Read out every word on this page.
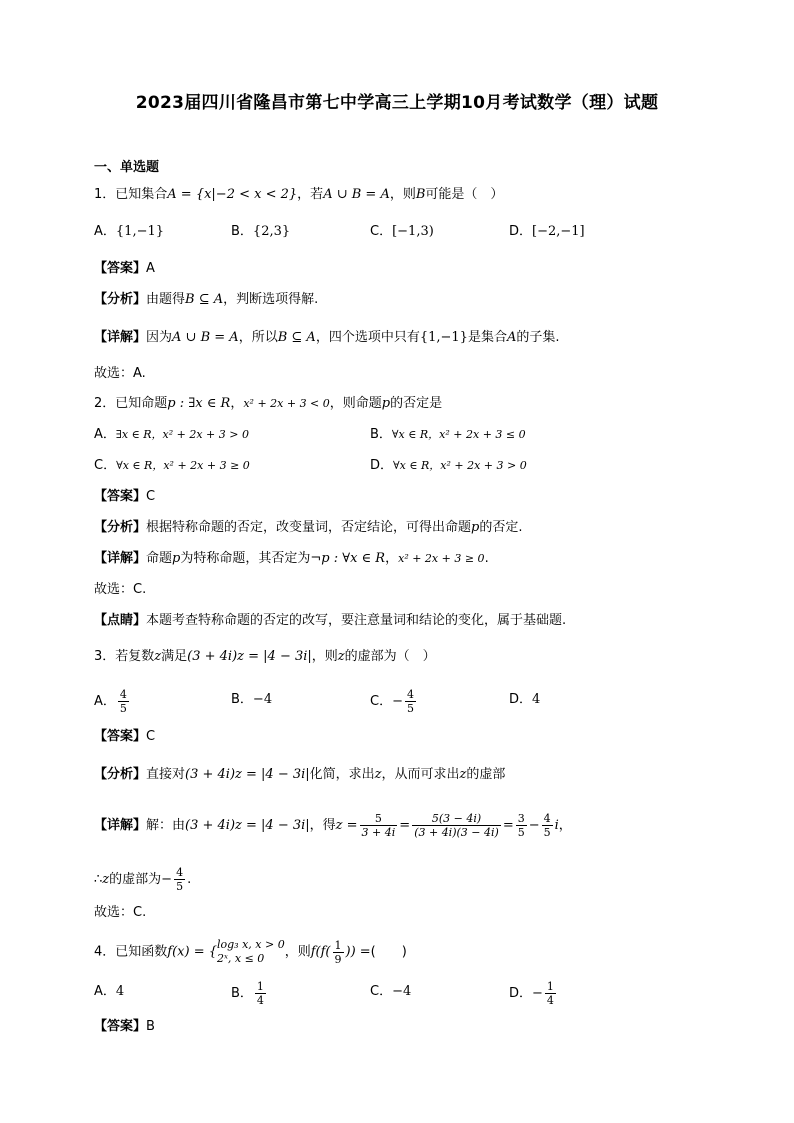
2023届四川省隆昌市第七中学高三上学期10月考试数学（理）试题
一、单选题
1．已知集合A = {x|−2 < x < 2}，若A ∪ B = A，则B可能是（　）
A．{1,−1}	B．{2,3}	C．[−1,3)	D．[−2,−1]
【答案】A
【分析】由题得B ⊆ A，判断选项得解.
【详解】因为A ∪ B = A，所以B ⊆ A，四个选项中只有{1,−1}是集合A的子集.
故选：A.
2．已知命题p : ∃x ∈ R，x² + 2x + 3 < 0，则命题p的否定是
A．∃x ∈ R，x² + 2x + 3 > 0	B．∀x ∈ R，x² + 2x + 3 ≤ 0
C．∀x ∈ R，x² + 2x + 3 ≥ 0	D．∀x ∈ R，x² + 2x + 3 > 0
【答案】C
【分析】根据特称命题的否定，改变量词，否定结论，可得出命题p的否定.
【详解】命题p为特称命题，其否定为¬p : ∀x ∈ R，x² + 2x + 3 ≥ 0.
故选：C.
【点睛】本题考查特称命题的否定的改写，要注意量词和结论的变化，属于基础题.
3．若复数z满足(3 + 4i)z = |4 − 3i|，则z的虚部为（　）
A． $\frac{4}{5}$	B．−4	C．− $\frac{4}{5}$	D．4
【答案】C
【分析】直接对(3 + 4i)z = |4 − 3i|化简，求出z，从而可求出z的虚部
【详解】解：由(3 + 4i)z = |4 − 3i|，得$z = \frac{5}{3 + 4i} = \frac{5(3 - 4i)}{(3 + 4i)(3 - 4i)} = \frac{3}{5} - \frac{4}{5}$ i，
∴z的虚部为− $\frac{4}{5}$ .
故选：C.
4．已知函数f(x) = { log₃ x, x > 0
2ˣ, x ≤ 0	，则$f(f( \frac{1}{9}$ )) =(　　)
A．4	B． $\frac{1}{4}$	C．−4	D．− $\frac{1}{4}$
【答案】B
